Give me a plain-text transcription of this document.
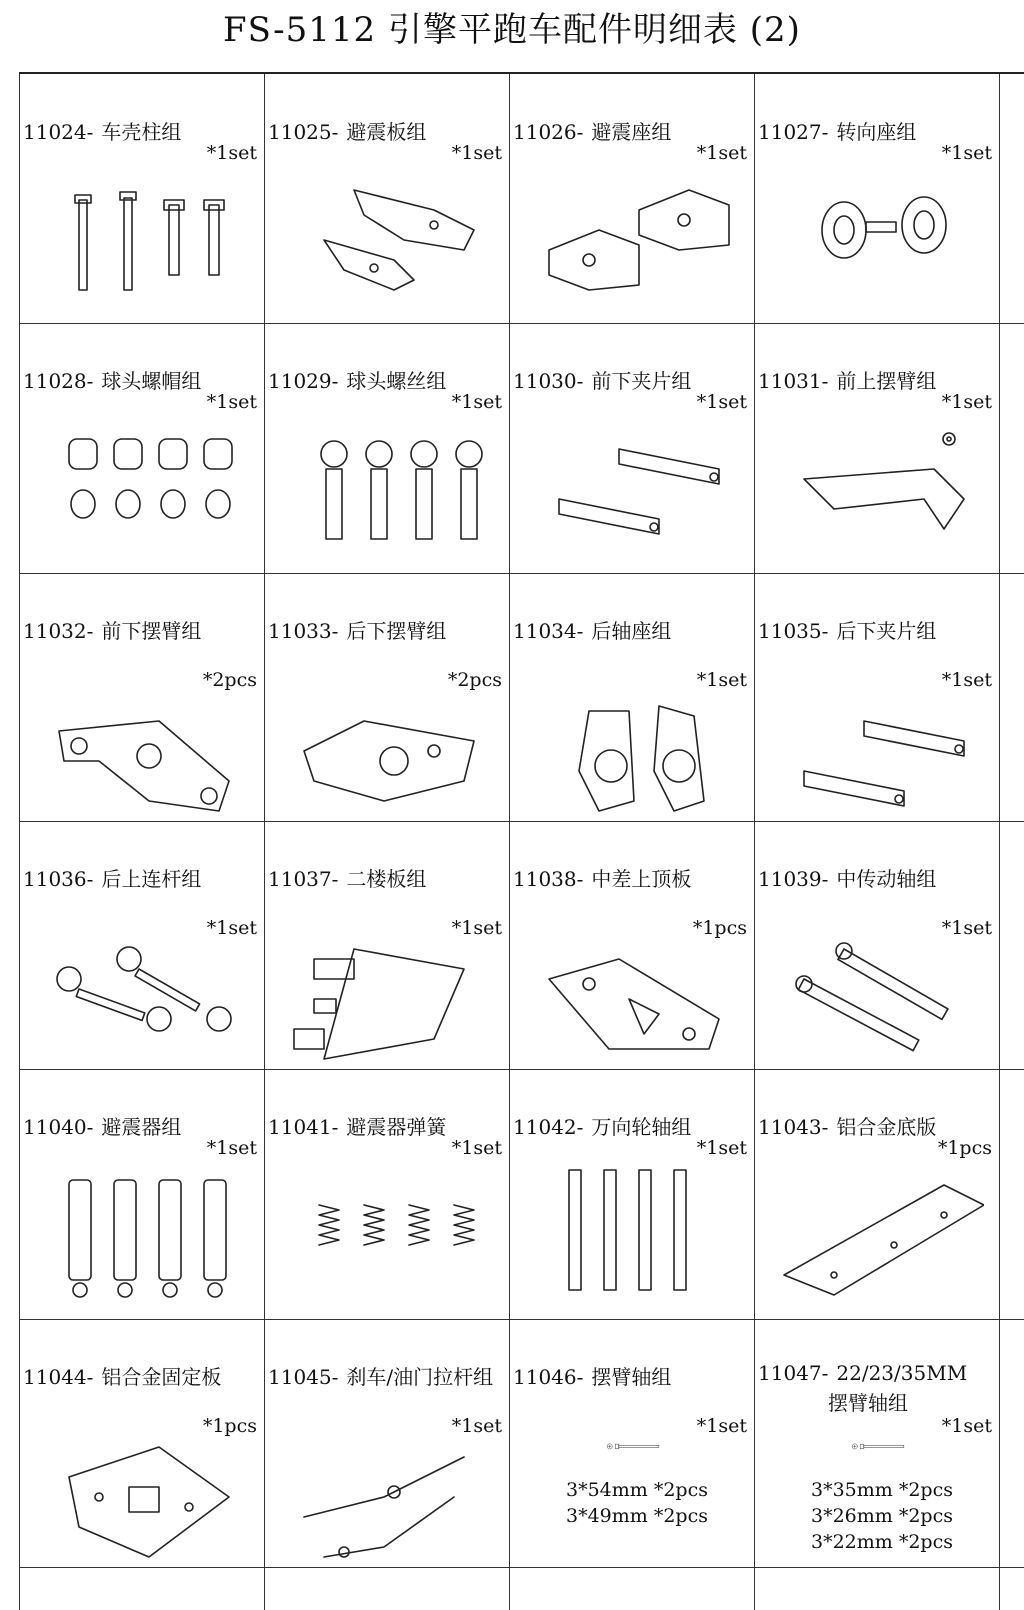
FS-5112 引擎平跑车配件明细表 (2)
11024- 车壳柱组
*1set
11025- 避震板组
*1set
11026- 避震座组
*1set
11027- 转向座组
*1set
11028- 球头螺帽组
*1set
11029- 球头螺丝组
*1set
11030- 前下夹片组
*1set
11031- 前上摆臂组
*1set
11032- 前下摆臂组
*2pcs
11033- 后下摆臂组
*2pcs
11034- 后轴座组
*1set
11035- 后下夹片组
*1set
11036- 后上连杆组
*1set
11037- 二楼板组
*1set
11038- 中差上顶板
*1pcs
11039- 中传动轴组
*1set
11040- 避震器组
*1set
11041- 避震器弹簧
*1set
11042- 万向轮轴组
*1set
11043- 铝合金底版
*1pcs
11044- 铝合金固定板
*1pcs
11045- 刹车/油门拉杆组
*1set
11046- 摆臂轴组
*1set
3*54mm *2pcs
3*49mm *2pcs
11047- 22/23/35MM
摆臂轴组
*1set
3*35mm *2pcs
3*26mm *2pcs
3*22mm *2pcs
